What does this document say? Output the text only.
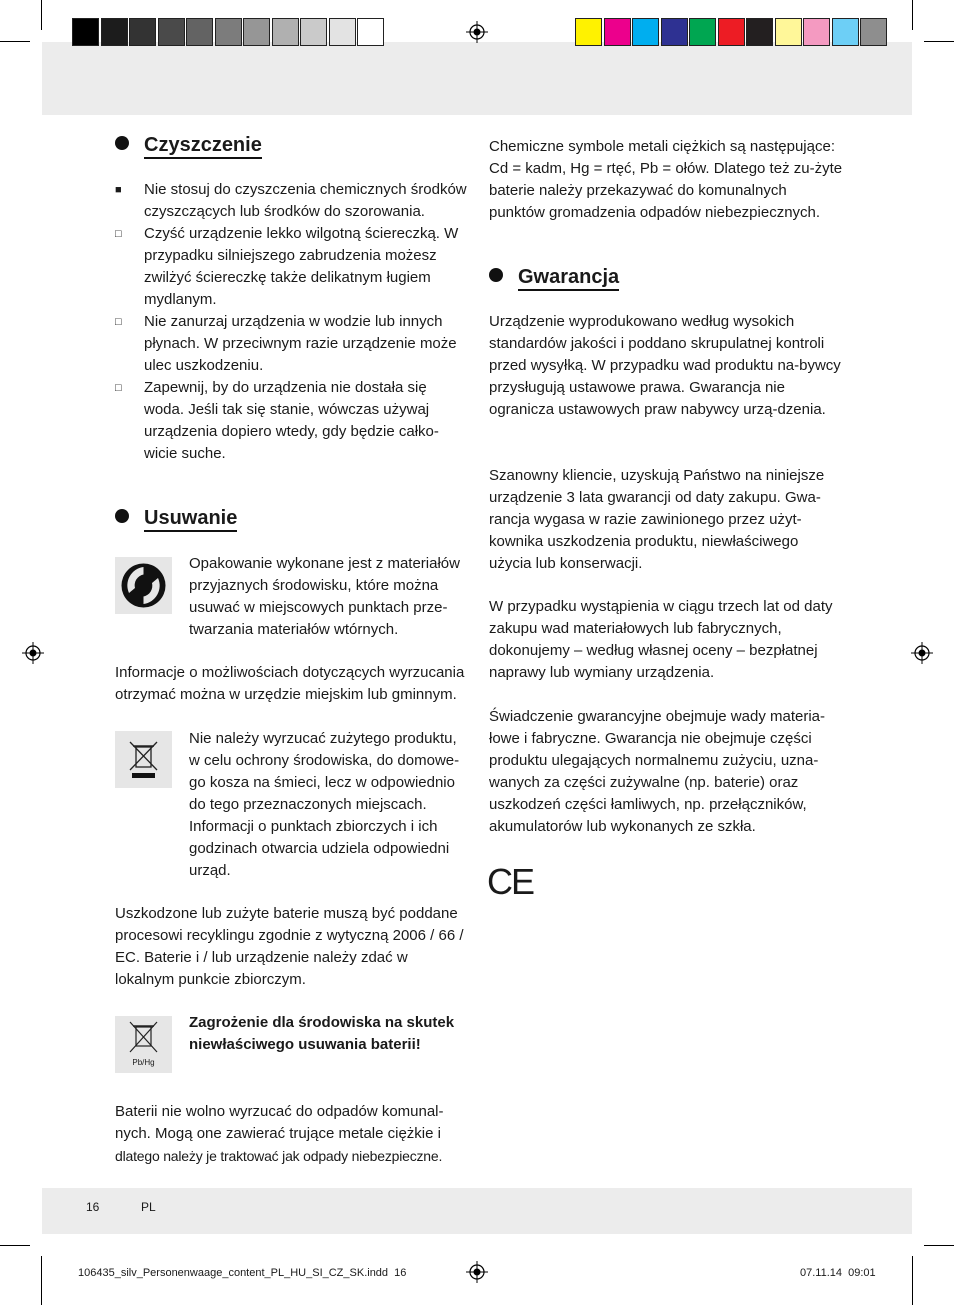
Czyszczenie
■ Nie stosuj do czyszczenia chemicznych środków czyszczących lub środków do szorowania.
□ Czyść urządzenie lekko wilgotną ściereczką. W przypadku silniejszego zabrudzenia możesz zwilżyć ściereczkę także delikatnym ługiem mydlanym.
□ Nie zanurzaj urządzenia w wodzie lub innych płynach. W przeciwnym razie urządzenie może ulec uszkodzeniu.
□ Zapewnij, by do urządzenia nie dostała się woda. Jeśli tak się stanie, wówczas używaj urządzenia dopiero wtedy, gdy będzie całko-wicie suche.
Usuwanie

Opakowanie wykonane jest z materiałów przyjaznych środowisku, które można usuwać w miejscowych punktach prze-twarzania materiałów wtórnych.

Informacje o możliwościach dotyczących wyrzucania otrzymać można w urzędzie miejskim lub gminnym.

Nie należy wyrzucać zużytego produktu, w celu ochrony środowiska, do domowe-go kosza na śmieci, lecz w odpowiednio do tego przeznaczonych miejscach. Informacji o punktach zbiorczych i ich godzinach otwarcia udziela odpowiedni urząd.

Uszkodzone lub zużyte baterie muszą być poddane procesowi recyklingu zgodnie z wytyczną 2006 / 66 / EC. Baterie i / lub urządzenie należy zdać w lokalnym punkcie zbiorczym.

Pb/Hg

Zagrożenie dla środowiska na skutek niewłaściwego usuwania baterii!

Baterii nie wolno wyrzucać do odpadów komunal-nych. Mogą one zawierać trujące metale ciężkie i

dlatego należy je traktować jak odpady niebezpieczne.

Chemiczne symbole metali ciężkich są następujące: Cd = kadm, Hg = rtęć, Pb = ołów. Dlatego też zu-żyte baterie należy przekazywać do komunalnych punktów gromadzenia odpadów niebezpiecznych.

Gwarancja

Urządzenie wyprodukowano według wysokich standardów jakości i poddano skrupulatnej kontroli przed wysyłką. W przypadku wad produktu na-bywcy przysługują ustawowe prawa. Gwarancja nie ogranicza ustawowych praw nabywcy urzą-dzenia.

Szanowny kliencie, uzyskują Państwo na niniejsze urządzenie 3 lata gwarancji od daty zakupu. Gwa-rancja wygasa w razie zawinionego przez użyt-kownika uszkodzenia produktu, niewłaściwego użycia lub konserwacji.

W przypadku wystąpienia w ciągu trzech lat od daty zakupu wad materiałowych lub fabrycznych, dokonujemy – według własnej oceny – bezpłatnej naprawy lub wymiany urządzenia.

Świadczenie gwarancyjne obejmuje wady materia-łowe i fabryczne. Gwarancja nie obejmuje części produktu ulegających normalnemu zużyciu, uzna-wanych za części zużywalne (np. baterie) oraz uszkodzeń części łamliwych, np. przełączników, akumulatorów lub wykonanych ze szkła.

CE
16	PL
106435_silv_Personenwaage_content_PL_HU_SI_CZ_SK.indd 16	07.11.14 09:01
